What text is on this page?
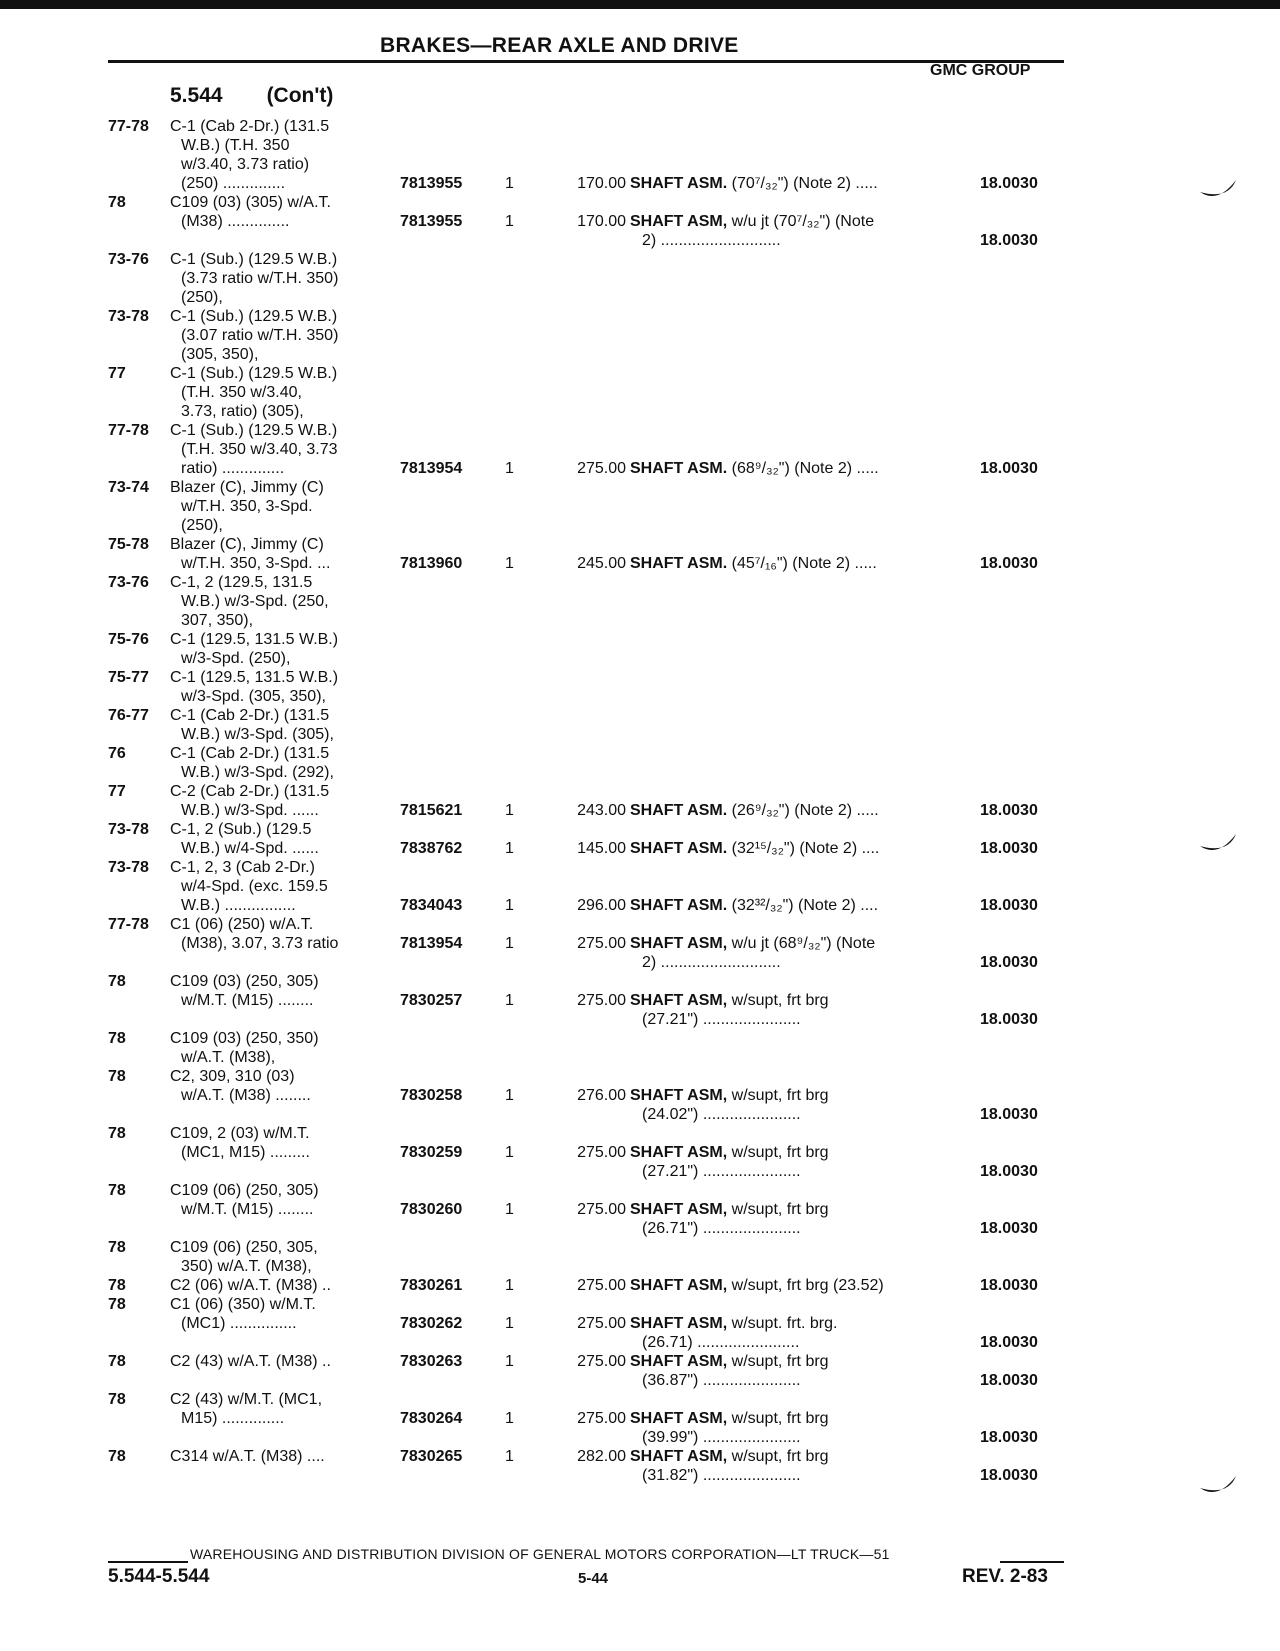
BRAKES—REAR AXLE AND DRIVE
GMC GROUP
5.544 (Con't)
77-78	C-1 (Cab 2-Dr.) (131.5
W.B.) (T.H. 350
w/3.40, 3.73 ratio)
(250) ..............	7813955	1	170.00 SHAFT ASM. (70⁷/₃₂") (Note 2) .....	18.0030
78	C109 (03) (305) w/A.T.
(M38) ..............	7813955	1	170.00 SHAFT ASM, w/u jt (70⁷/₃₂") (Note
2) ...........................	18.0030
73-76	C-1 (Sub.) (129.5 W.B.)
(3.73 ratio w/T.H. 350)
(250),
73-78	C-1 (Sub.) (129.5 W.B.)
(3.07 ratio w/T.H. 350)
(305, 350),
77	C-1 (Sub.) (129.5 W.B.)
(T.H. 350 w/3.40,
3.73, ratio) (305),
77-78	C-1 (Sub.) (129.5 W.B.)
(T.H. 350 w/3.40, 3.73
ratio) ..............	7813954	1	275.00 SHAFT ASM. (68⁹/₃₂") (Note 2) .....	18.0030
73-74	Blazer (C), Jimmy (C)
w/T.H. 350, 3-Spd.
(250),
75-78	Blazer (C), Jimmy (C)
w/T.H. 350, 3-Spd. ...	7813960	1	245.00 SHAFT ASM. (45⁷/₁₆") (Note 2) .....	18.0030
73-76	C-1, 2 (129.5, 131.5
W.B.) w/3-Spd. (250,
307, 350),
75-76	C-1 (129.5, 131.5 W.B.)
w/3-Spd. (250),
75-77	C-1 (129.5, 131.5 W.B.)
w/3-Spd. (305, 350),
76-77	C-1 (Cab 2-Dr.) (131.5
W.B.) w/3-Spd. (305),
76	C-1 (Cab 2-Dr.) (131.5
W.B.) w/3-Spd. (292),
77	C-2 (Cab 2-Dr.) (131.5
W.B.) w/3-Spd. ......	7815621	1	243.00 SHAFT ASM. (26⁹/₃₂") (Note 2) .....	18.0030
73-78	C-1, 2 (Sub.) (129.5
W.B.) w/4-Spd. ......	7838762	1	145.00 SHAFT ASM. (32¹⁵/₃₂") (Note 2) ....	18.0030
73-78	C-1, 2, 3 (Cab 2-Dr.)
w/4-Spd. (exc. 159.5
W.B.) ................	7834043	1	296.00 SHAFT ASM. (32³²/₃₂") (Note 2) ....	18.0030
77-78	C1 (06) (250) w/A.T.
(M38), 3.07, 3.73 ratio	7813954	1	275.00 SHAFT ASM, w/u jt (68⁹/₃₂") (Note
2) ...........................	18.0030
78	C109 (03) (250, 305)
w/M.T. (M15) ........	7830257	1	275.00 SHAFT ASM, w/supt, frt brg
(27.21") ......................	18.0030
78	C109 (03) (250, 350)
w/A.T. (M38),
78	C2, 309, 310 (03)
w/A.T. (M38) ........	7830258	1	276.00 SHAFT ASM, w/supt, frt brg
(24.02") ......................	18.0030
78	C109, 2 (03) w/M.T.
(MC1, M15) .........	7830259	1	275.00 SHAFT ASM, w/supt, frt brg
(27.21") ......................	18.0030
78	C109 (06) (250, 305)
w/M.T. (M15) ........	7830260	1	275.00 SHAFT ASM, w/supt, frt brg
(26.71") ......................	18.0030
78	C109 (06) (250, 305,
350) w/A.T. (M38),
78	C2 (06) w/A.T. (M38) ..	7830261	1	275.00 SHAFT ASM, w/supt, frt brg (23.52)	18.0030
78	C1 (06) (350) w/M.T.
(MC1) ...............	7830262	1	275.00 SHAFT ASM, w/supt. frt. brg.
(26.71) .......................	18.0030
78	C2 (43) w/A.T. (M38) ..	7830263	1	275.00 SHAFT ASM, w/supt, frt brg
(36.87") ......................	18.0030
78	C2 (43) w/M.T. (MC1,
M15) ..............	7830264	1	275.00 SHAFT ASM, w/supt, frt brg
(39.99") ......................	18.0030
78	C314 w/A.T. (M38) ....	7830265	1	282.00 SHAFT ASM, w/supt, frt brg
(31.82") ......................	18.0030
WAREHOUSING AND DISTRIBUTION DIVISION OF GENERAL MOTORS CORPORATION—LT TRUCK—51
5.544-5.544	5-44	REV. 2-83
